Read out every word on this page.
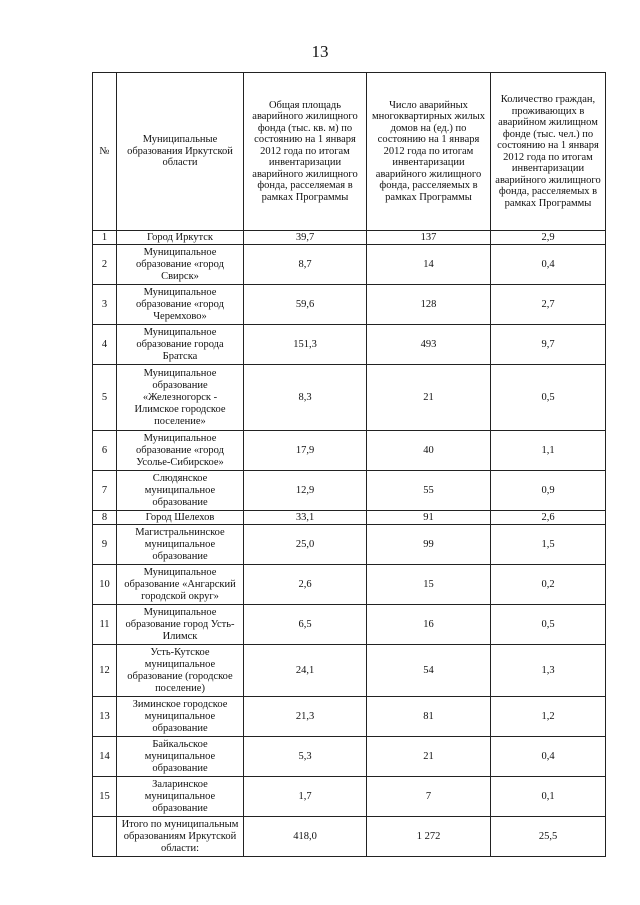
13
№	Муниципальные образования Иркутской области	Общая площадь аварийного жилищного фонда (тыс. кв. м) по состоянию на 1 января 2012 года по итогам инвентаризации аварийного жилищного фонда, расселяемая в рамках Программы	Число аварийных многоквартирных жилых домов на (ед.) по состоянию на 1 января 2012 года по итогам инвентаризации аварийного жилищного фонда, расселяемых в рамках Программы	Количество граждан, проживающих в аварийном жилищном фонде (тыс. чел.) по состоянию на 1 января 2012 года по итогам инвентаризации аварийного жилищного фонда, расселяемых в рамках Программы
1	Город Иркутск	39,7	137	2,9
2	Муниципальное образование «город Свирск»	8,7	14	0,4
3	Муниципальное образование «город Черемхово»	59,6	128	2,7
4	Муниципальное образование города Братска	151,3	493	9,7
5	Муниципальное образование «Железногорск - Илимское городское поселение»	8,3	21	0,5
6	Муниципальное образование «город Усолье-Сибирское»	17,9	40	1,1
7	Слюдянское муниципальное образование	12,9	55	0,9
8	Город Шелехов	33,1	91	2,6
9	Магистральнинское муниципальное образование	25,0	99	1,5
10	Муниципальное образование «Ангарский городской округ»	2,6	15	0,2
11	Муниципальное образование город Усть-Илимск	6,5	16	0,5
12	Усть-Кутское муниципальное образование (городское поселение)	24,1	54	1,3
13	Зиминское городское муниципальное образование	21,3	81	1,2
14	Байкальское муниципальное образование	5,3	21	0,4
15	Заларинское муниципальное образование	1,7	7	0,1
	Итого по муниципальным образованиям Иркутской области:	418,0	1 272	25,5
